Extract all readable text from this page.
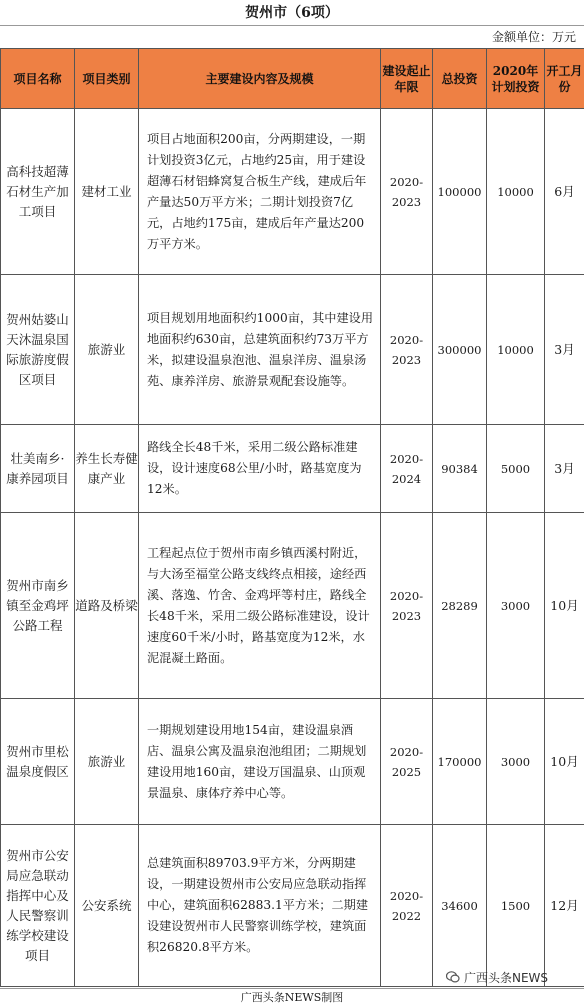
贺州市（6项）
金额单位：万元
项目名称	项目类别	主要建设内容及规模	建设起止年限	总投资	2020年计划投资	开工月份
高科技超薄石材生产加工项目	建材工业	项目占地面积200亩，分两期建设，一期计划投资3亿元，占地约25亩，用于建设超薄石材铝蜂窝复合板生产线，建成后年产量达50万平方米；二期计划投资7亿元，占地约175亩，建成后年产量达200万平方米。	2020-2023	100000	10000	6月
贺州姑婆山天沐温泉国际旅游度假区项目	旅游业	项目规划用地面积约1000亩，其中建设用地面积约630亩，总建筑面积约73万平方米，拟建设温泉泡池、温泉洋房、温泉汤苑、康养洋房、旅游景观配套设施等。	2020-2023	300000	10000	3月
壮美南乡·康养园项目	养生长寿健康产业	路线全长48千米，采用二级公路标准建设，设计速度68公里/小时，路基宽度为12米。	2020-2024	90384	5000	3月
贺州市南乡镇至金鸡坪公路工程	道路及桥梁	工程起点位于贺州市南乡镇西溪村附近，与大汤至福堂公路支线终点相接，途经西溪、落逸、竹舍、金鸡坪等村庄，路线全长48千米，采用二级公路标准建设，设计速度60千米/小时，路基宽度为12米，水泥混凝土路面。	2020-2023	28289	3000	10月
贺州市里松温泉度假区	旅游业	一期规划建设用地154亩，建设温泉酒店、温泉公寓及温泉泡池组团；二期规划建设用地160亩，建设万国温泉、山顶观景温泉、康体疗养中心等。	2020-2025	170000	3000	10月
贺州市公安局应急联动指挥中心及人民警察训练学校建设项目	公安系统	总建筑面积89703.9平方米，分两期建设，一期建设贺州市公安局应急联动指挥中心，建筑面积62883.1平方米；二期建设建设贺州市人民警察训练学校，建筑面积26820.8平方米。	2020-2022	34600	1500	12月
广西头条NEWS
广西头条NEWS制图
